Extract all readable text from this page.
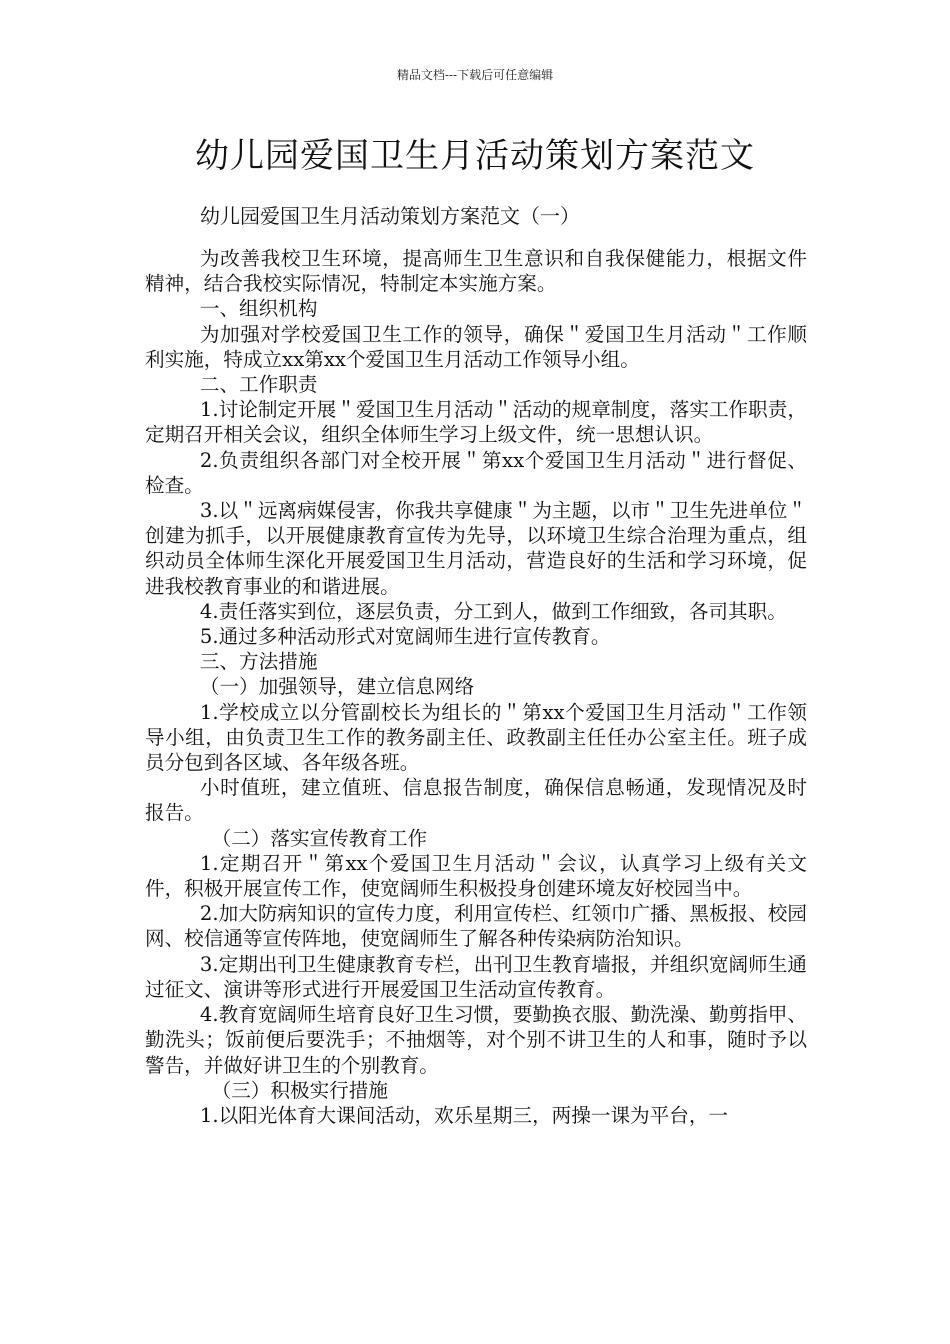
精品文档---下载后可任意编辑
幼儿园爱国卫生月活动策划方案范文

幼儿园爱国卫生月活动策划方案范文（一）

为改善我校卫生环境，提高师生卫生意识和自我保健能力，根据文件精神，结合我校实际情况，特制定本实施方案。

一、组织机构

为加强对学校爱国卫生工作的领导，确保＂爱国卫生月活动＂工作顺利实施，特成立xx第xx个爱国卫生月活动工作领导小组。

二、工作职责

1.讨论制定开展＂爱国卫生月活动＂活动的规章制度，落实工作职责，定期召开相关会议，组织全体师生学习上级文件，统一思想认识。

2.负责组织各部门对全校开展＂第xx个爱国卫生月活动＂进行督促、检查。

3.以＂远离病媒侵害，你我共享健康＂为主题，以市＂卫生先进单位＂创建为抓手，以开展健康教育宣传为先导，以环境卫生综合治理为重点，组织动员全体师生深化开展爱国卫生月活动，营造良好的生活和学习环境，促进我校教育事业的和谐进展。

4.责任落实到位，逐层负责，分工到人，做到工作细致，各司其职。

5.通过多种活动形式对宽阔师生进行宣传教育。

三、方法措施

（一）加强领导，建立信息网络

1.学校成立以分管副校长为组长的＂第xx个爱国卫生月活动＂工作领导小组，由负责卫生工作的教务副主任、政教副主任任办公室主任。班子成员分包到各区域、各年级各班。

小时值班，建立值班、信息报告制度，确保信息畅通，发现情况及时报告。

（二）落实宣传教育工作

1.定期召开＂第xx个爱国卫生月活动＂会议，认真学习上级有关文件，积极开展宣传工作，使宽阔师生积极投身创建环境友好校园当中。

2.加大防病知识的宣传力度，利用宣传栏、红领巾广播、黑板报、校园网、校信通等宣传阵地，使宽阔师生了解各种传染病防治知识。

3.定期出刊卫生健康教育专栏，出刊卫生教育墙报，并组织宽阔师生通过征文、演讲等形式进行开展爱国卫生活动宣传教育。

4.教育宽阔师生培育良好卫生习惯，要勤换衣服、勤洗澡、勤剪指甲、勤洗头；饭前便后要洗手；不抽烟等，对个别不讲卫生的人和事，随时予以警告，并做好讲卫生的个别教育。

（三）积极实行措施

1.以阳光体育大课间活动，欢乐星期三，两操一课为平台，一
